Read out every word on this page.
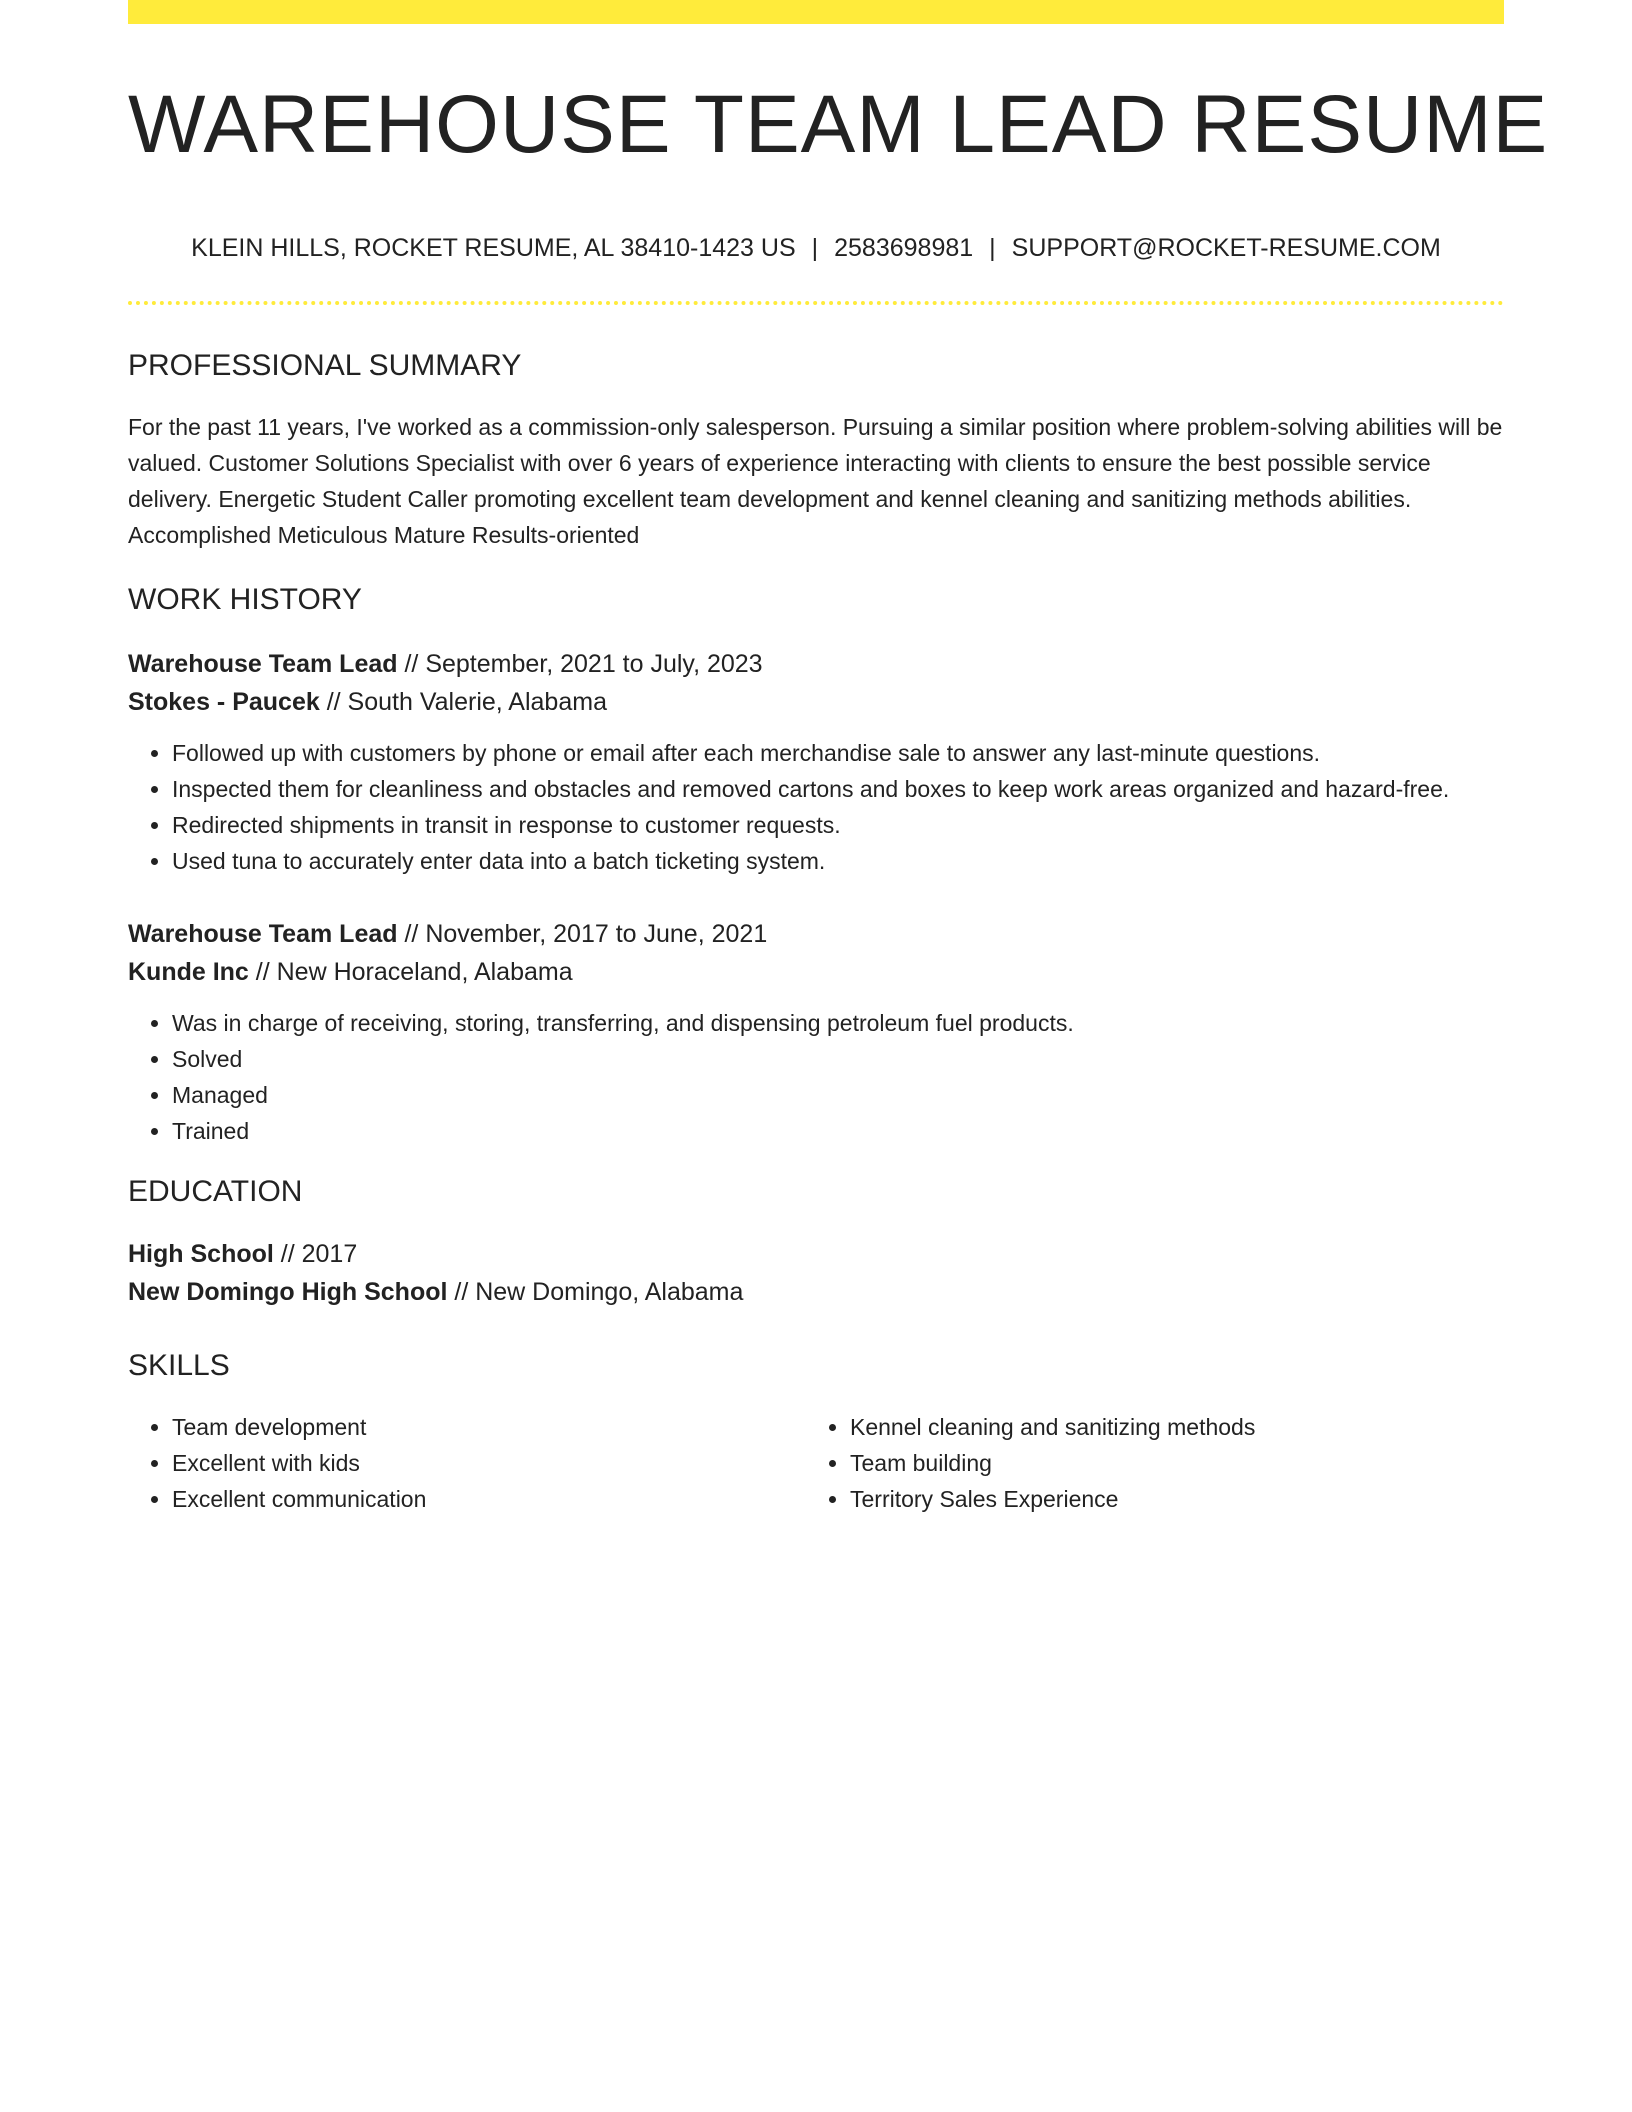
WAREHOUSE TEAM LEAD RESUME
KLEIN HILLS, ROCKET RESUME, AL 38410-1423 US | 2583698981 | SUPPORT@ROCKET-RESUME.COM
PROFESSIONAL SUMMARY

For the past 11 years, I've worked as a commission-only salesperson. Pursuing a similar position where problem-solving abilities will be valued. Customer Solutions Specialist with over 6 years of experience interacting with clients to ensure the best possible service delivery. Energetic Student Caller promoting excellent team development and kennel cleaning and sanitizing methods abilities. Accomplished Meticulous Mature Results-oriented

WORK HISTORY
Warehouse Team Lead // September, 2021 to July, 2023
Stokes - Paucek // South Valerie, Alabama
• Followed up with customers by phone or email after each merchandise sale to answer any last-minute questions.
• Inspected them for cleanliness and obstacles and removed cartons and boxes to keep work areas organized and hazard-free.
• Redirected shipments in transit in response to customer requests.
• Used tuna to accurately enter data into a batch ticketing system.
Warehouse Team Lead // November, 2017 to June, 2021
Kunde Inc // New Horaceland, Alabama
• Was in charge of receiving, storing, transferring, and dispensing petroleum fuel products.
• Solved
• Managed
• Trained
EDUCATION
High School // 2017
New Domingo High School // New Domingo, Alabama
SKILLS
• Team development
• Excellent with kids
• Excellent communication
• Kennel cleaning and sanitizing methods
• Team building
• Territory Sales Experience
